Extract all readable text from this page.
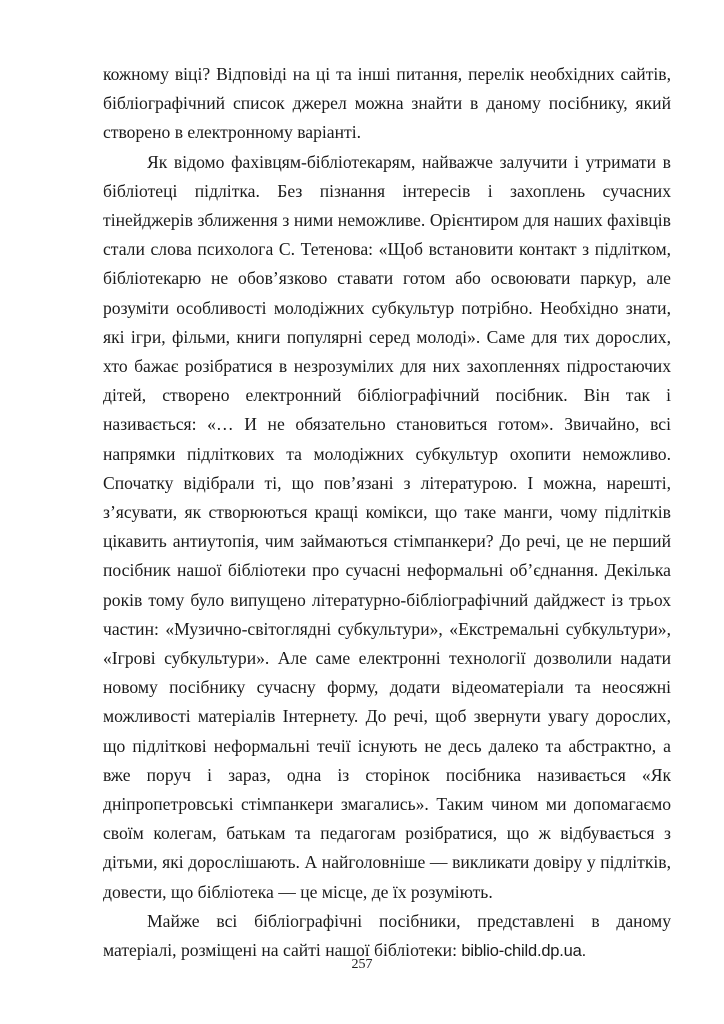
кожному віці? Відповіді на ці та інші питання, перелік необхідних сайтів, бібліографічний список джерел можна знайти в даному посібнику, який створено в електронному варіанті.

Як відомо фахівцям-бібліотекарям, найважче залучити і утримати в бібліотеці підлітка. Без пізнання інтересів і захоплень сучасних тінейджерів зближення з ними неможливе. Орієнтиром для наших фахівців стали слова психолога С. Тетенова: «Щоб встановити контакт з підлітком, бібліотекарю не обов’язково ставати готом або освоювати паркур, але розуміти особливості молодіжних субкультур потрібно. Необхідно знати, які ігри, фільми, книги популярні серед молоді». Саме для тих дорослих, хто бажає розібратися в незрозумілих для них захопленнях підростаючих дітей, створено електронний бібліографічний посібник. Він так і називається: «… И не обязательно становиться готом». Звичайно, всі напрямки підліткових та молодіжних субкультур охопити неможливо. Спочатку відібрали ті, що пов’язані з літературою. І можна, нарешті, з’ясувати, як створюються кращі комікси, що таке манги, чому підлітків цікавить антиутопія, чим займаються стімпанкери? До речі, це не перший посібник нашої бібліотеки про сучасні неформальні об’єднання. Декілька років тому було випущено літературно-бібліографічний дайджест із трьох частин: «Музично-світоглядні субкультури», «Екстремальні субкультури», «Ігрові субкультури». Але саме електронні технології дозволили надати новому посібнику сучасну форму, додати відеоматеріали та неосяжні можливості матеріалів Інтернету. До речі, щоб звернути увагу дорослих, що підліткові неформальні течії існують не десь далеко та абстрактно, а вже поруч і зараз, одна із сторінок посібника називається «Як дніпропетровські стімпанкери змагались». Таким чином ми допомагаємо своїм колегам, батькам та педагогам розібратися, що ж відбувається з дітьми, які дорослішають. А найголовніше — викликати довіру у підлітків, довести, що бібліотека — це місце, де їх розуміють.

Майже всі бібліографічні посібники, представлені в даному матеріалі, розміщені на сайті нашої бібліотеки: biblio-child.dp.ua.

257
